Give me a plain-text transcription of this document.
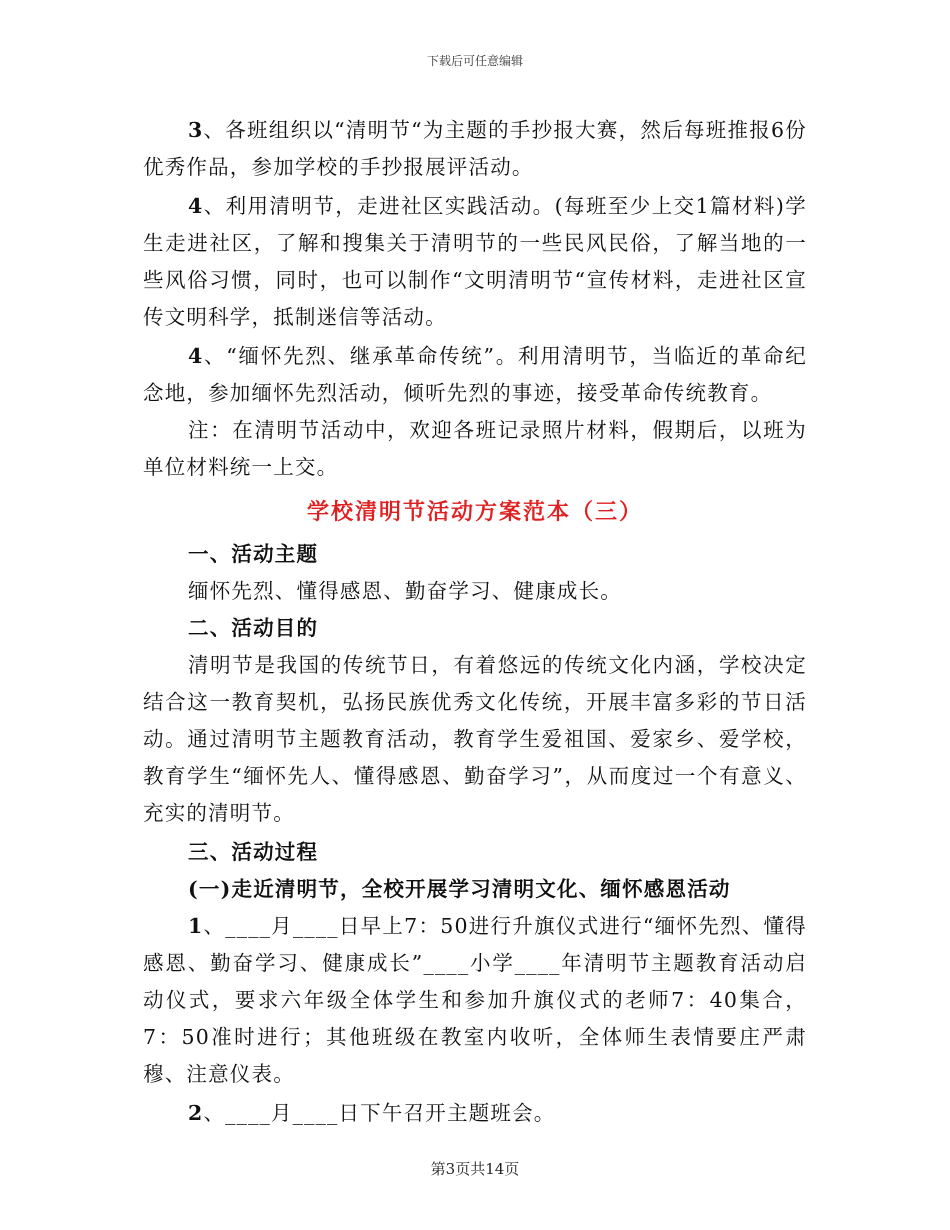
下载后可任意编辑

3、各班组织以“清明节“为主题的手抄报大赛，然后每班推报6份优秀作品，参加学校的手抄报展评活动。

4、利用清明节，走进社区实践活动。(每班至少上交1篇材料)学生走进社区，了解和搜集关于清明节的一些民风民俗，了解当地的一些风俗习惯，同时，也可以制作“文明清明节“宣传材料，走进社区宣传文明科学，抵制迷信等活动。

4、“缅怀先烈、继承革命传统”。利用清明节，当临近的革命纪念地，参加缅怀先烈活动，倾听先烈的事迹，接受革命传统教育。

注：在清明节活动中，欢迎各班记录照片材料，假期后，以班为单位材料统一上交。

学校清明节活动方案范本（三）

一、活动主题

缅怀先烈、懂得感恩、勤奋学习、健康成长。

二、活动目的

清明节是我国的传统节日，有着悠远的传统文化内涵，学校决定结合这一教育契机，弘扬民族优秀文化传统，开展丰富多彩的节日活动。通过清明节主题教育活动，教育学生爱祖国、爱家乡、爱学校，教育学生“缅怀先人、懂得感恩、勤奋学习”，从而度过一个有意义、充实的清明节。

三、活动过程

(一)走近清明节，全校开展学习清明文化、缅怀感恩活动

1、____月____日早上7：50进行升旗仪式进行“缅怀先烈、懂得感恩、勤奋学习、健康成长”____小学____年清明节主题教育活动启动仪式，要求六年级全体学生和参加升旗仪式的老师7：40集合，7：50准时进行；其他班级在教室内收听，全体师生表情要庄严肃穆、注意仪表。

2、____月____日下午召开主题班会。

第3页共14页
